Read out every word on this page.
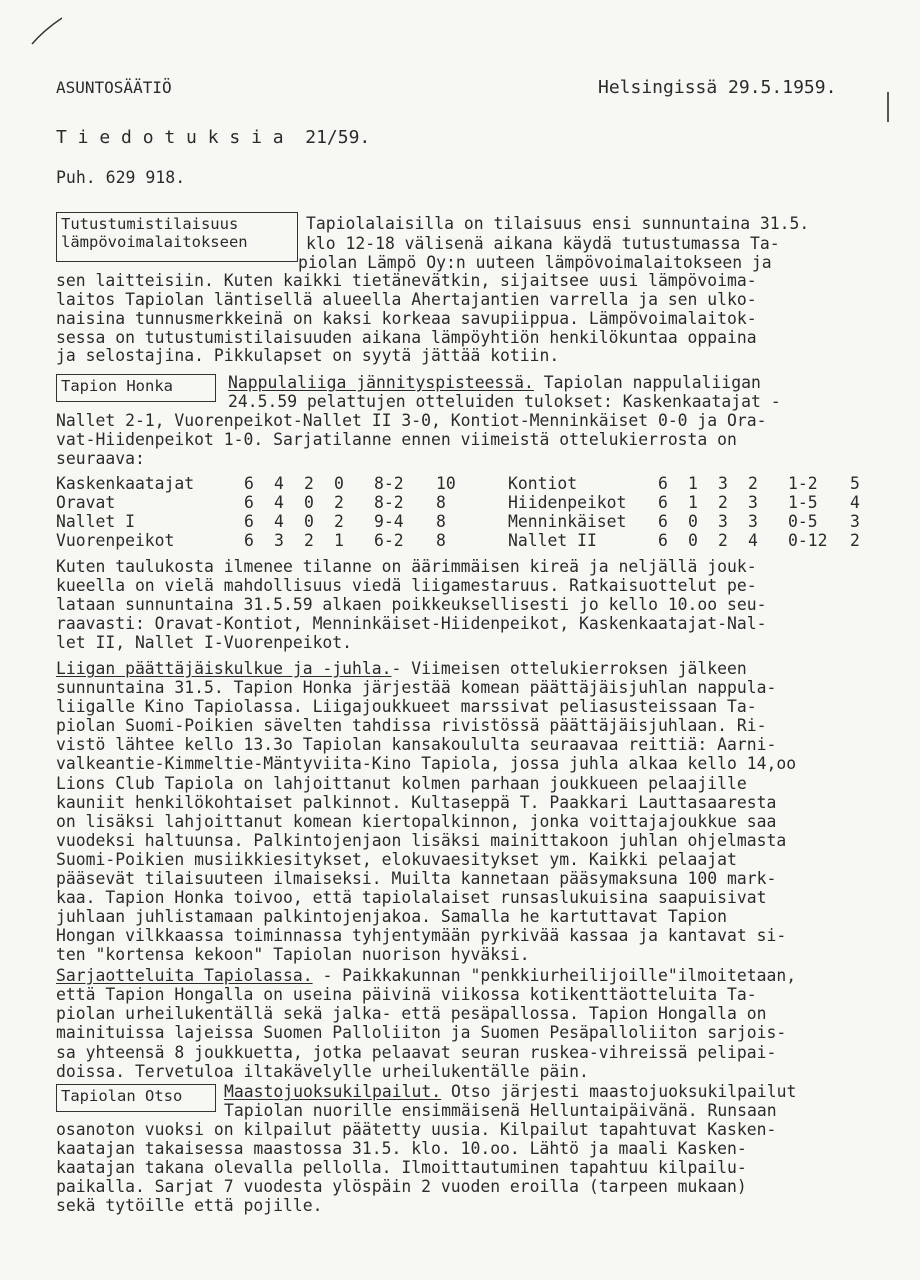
ASUNTOSÄÄTIÖ	Helsingissä 29.5.1959.
T i e d o t u k s i a  21/59.
Puh. 629 918.
Tutustumistilaisuus
lämpövoimalaitokseen
Tapiolalaisilla on tilaisuus ensi sunnuntaina 31.5.
klo 12-18 välisenä aikana käydä tutustumassa Ta-
piolan Lämpö Oy:n uuteen lämpövoimalaitokseen ja
sen laitteisiin. Kuten kaikki tietänevätkin, sijaitsee uusi lämpövoima-
laitos Tapiolan läntisellä alueella Ahertajantien varrella ja sen ulko-
naisina tunnusmerkkeinä on kaksi korkeaa savupiippua. Lämpövoimalaitok-
sessa on tutustumistilaisuuden aikana lämpöyhtiön henkilökuntaa oppaina
ja selostajina. Pikkulapset on syytä jättää kotiin.
Tapion Honka	Nappulaliiga jännityspisteessä. Tapiolan nappulaliigan
24.5.59 pelattujen otteluiden tulokset: Kaskenkaatajat -
Nallet 2-1, Vuorenpeikot-Nallet II 3-0, Kontiot-Menninkäiset 0-0 ja Ora-
vat-Hiidenpeikot 1-0. Sarjatilanne ennen viimeistä ottelukierrosta on
seuraava:
Kaskenkaatajat	6	4	2	0	8-2	10
Oravat	6	4	0	2	8-2	8
Nallet I	6	4	0	2	9-4	8
Vuorenpeikot	6	3	2	1	6-2	8
Kontiot	6	1	3	2	1-2	5
Hiidenpeikot	6	1	2	3	1-5	4
Menninkäiset	6	0	3	3	0-5	3
Nallet II	6	0	2	4	0-12	2
Kuten taulukosta ilmenee tilanne on äärimmäisen kireä ja neljällä jouk-
kueella on vielä mahdollisuus viedä liigamestaruus. Ratkaisuottelut pe-
lataan sunnuntaina 31.5.59 alkaen poikkeuksellisesti jo kello 10.oo seu-
raavasti: Oravat-Kontiot, Menninkäiset-Hiidenpeikot, Kaskenkaatajat-Nal-
let II, Nallet I-Vuorenpeikot.
Liigan päättäjäiskulkue ja -juhla.- Viimeisen ottelukierroksen jälkeen
sunnuntaina 31.5. Tapion Honka järjestää komean päättäjäisjuhlan nappula-
liigalle Kino Tapiolassa. Liigajoukkueet marssivat peliasusteissaan Ta-
piolan Suomi-Poikien sävelten tahdissa rivistössä päättäjäisjuhlaan. Ri-
vistö lähtee kello 13.3o Tapiolan kansakoululta seuraavaa reittiä: Aarni-
valkeantie-Kimmeltie-Mäntyviita-Kino Tapiola, jossa juhla alkaa kello 14,oo
Lions Club Tapiola on lahjoittanut kolmen parhaan joukkueen pelaajille
kauniit henkilökohtaiset palkinnot. Kultaseppä T. Paakkari Lauttasaaresta
on lisäksi lahjoittanut komean kiertopalkinnon, jonka voittajajoukkue saa
vuodeksi haltuunsa. Palkintojenjaon lisäksi mainittakoon juhlan ohjelmasta
Suomi-Poikien musiikkiesitykset, elokuvaesitykset ym. Kaikki pelaajat
pääsevät tilaisuuteen ilmaiseksi. Muilta kannetaan pääsymaksuna 100 mark-
kaa. Tapion Honka toivoo, että tapiolalaiset runsaslukuisina saapuisivat
juhlaan juhlistamaan palkintojenjakoa. Samalla he kartuttavat Tapion
Hongan vilkkaassa toiminnassa tyhjentymään pyrkivää kassaa ja kantavat si-
ten "kortensa kekoon" Tapiolan nuorison hyväksi.
Sarjaotteluita Tapiolassa. - Paikkakunnan "penkkiurheilijoille"ilmoitetaan,
että Tapion Hongalla on useina päivinä viikossa kotikenttäotteluita Ta-
piolan urheilukentällä sekä jalka- että pesäpallossa. Tapion Hongalla on
mainituissa lajeissa Suomen Palloliiton ja Suomen Pesäpalloliiton sarjois-
sa yhteensä 8 joukkuetta, jotka pelaavat seuran ruskea-vihreissä pelipai-
doissa. Tervetuloa iltakävelylle urheilukentälle päin.
Tapiolan Otso	Maastojuoksukilpailut. Otso järjesti maastojuoksukilpailut
Tapiolan nuorille ensimmäisenä Helluntaipäivänä. Runsaan
osanoton vuoksi on kilpailut päätetty uusia. Kilpailut tapahtuvat Kasken-
kaatajan takaisessa maastossa 31.5. klo. 10.oo. Lähtö ja maali Kasken-
kaatajan takana olevalla pellolla. Ilmoittautuminen tapahtuu kilpailu-
paikalla. Sarjat 7 vuodesta ylöspäin 2 vuoden eroilla (tarpeen mukaan)
sekä tytöille että pojille.
